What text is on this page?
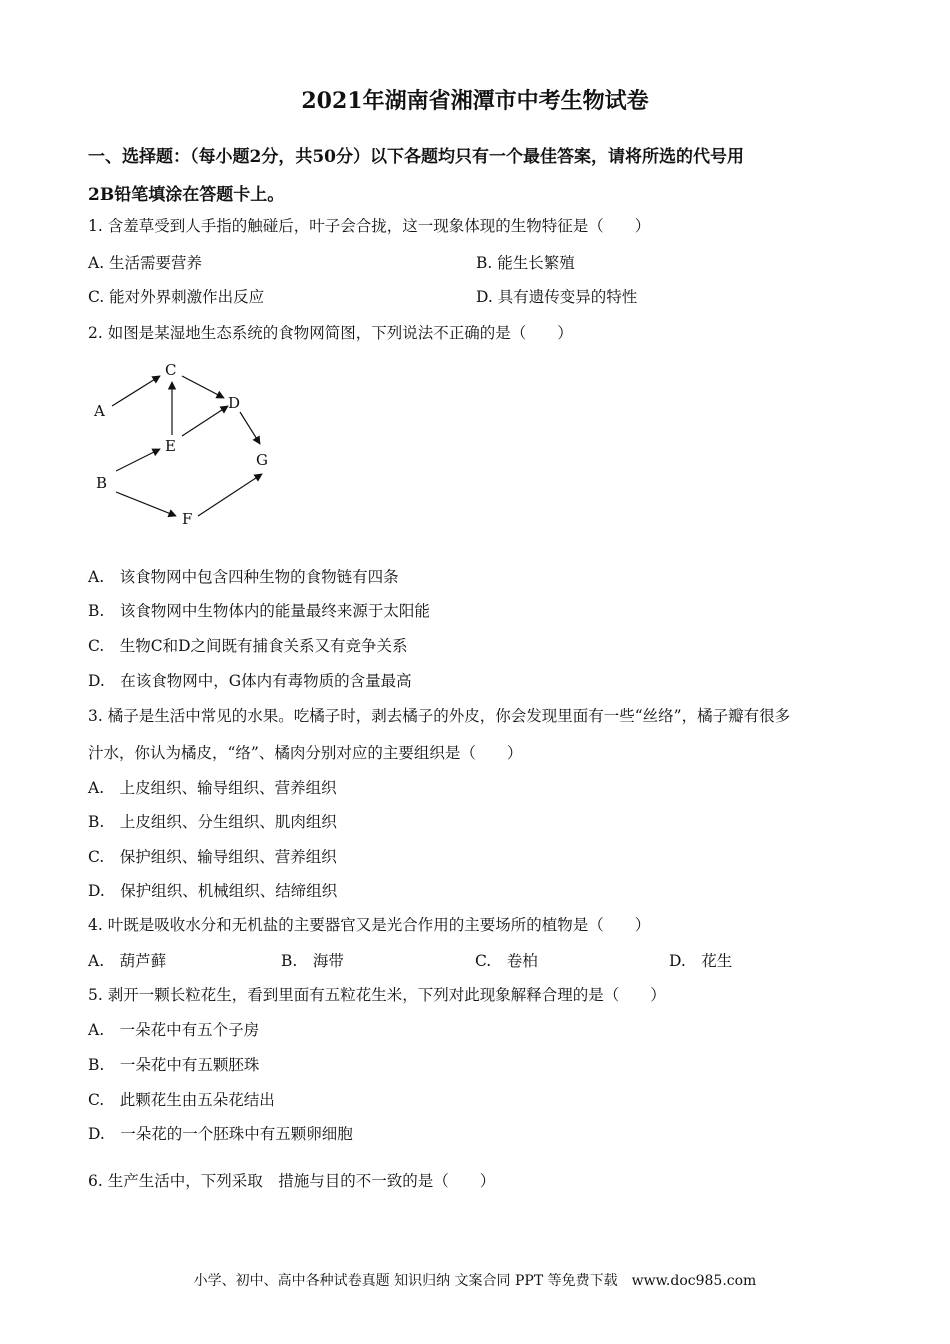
2021年湖南省湘潭市中考生物试卷
一、选择题：（每小题2分，共50分）以下各题均只有一个最佳答案，请将所选的代号用
2B铅笔填涂在答题卡上。
1. 含羞草受到人手指的触碰后，叶子会合拢，这一现象体现的生物特征是（　　）
A. 生活需要营养	B. 能生长繁殖
C. 能对外界刺激作出反应	D. 具有遗传变异的特性
2. 如图是某湿地生态系统的食物网简图，下列说法不正确的是（　　）
A
B
C
D
E
F
G
A.　该食物网中包含四种生物的食物链有四条
B.　该食物网中生物体内的能量最终来源于太阳能
C.　生物C和D之间既有捕食关系又有竞争关系
D.　在该食物网中，G体内有毒物质的含量最高
3. 橘子是生活中常见的水果。吃橘子时，剥去橘子的外皮，你会发现里面有一些“丝络”，橘子瓣有很多
汁水，你认为橘皮，“络”、橘肉分别对应的主要组织是（　　）
A.　上皮组织、输导组织、营养组织
B.　上皮组织、分生组织、肌肉组织
C.　保护组织、输导组织、营养组织
D.　保护组织、机械组织、结缔组织
4. 叶既是吸收水分和无机盐的主要器官又是光合作用的主要场所的植物是（　　）
A.　葫芦藓	B.　海带	C.　卷柏	D.　花生
5. 剥开一颗长粒花生，看到里面有五粒花生米，下列对此现象解释合理的是（　　）
A.　一朵花中有五个子房
B.　一朵花中有五颗胚珠
C.　此颗花生由五朵花结出
D.　一朵花的一个胚珠中有五颗卵细胞
6. 生产生活中，下列采取　措施与目的不一致的是（　　）
小学、初中、高中各种试卷真题 知识归纳 文案合同 PPT 等免费下载　www.doc985.com
